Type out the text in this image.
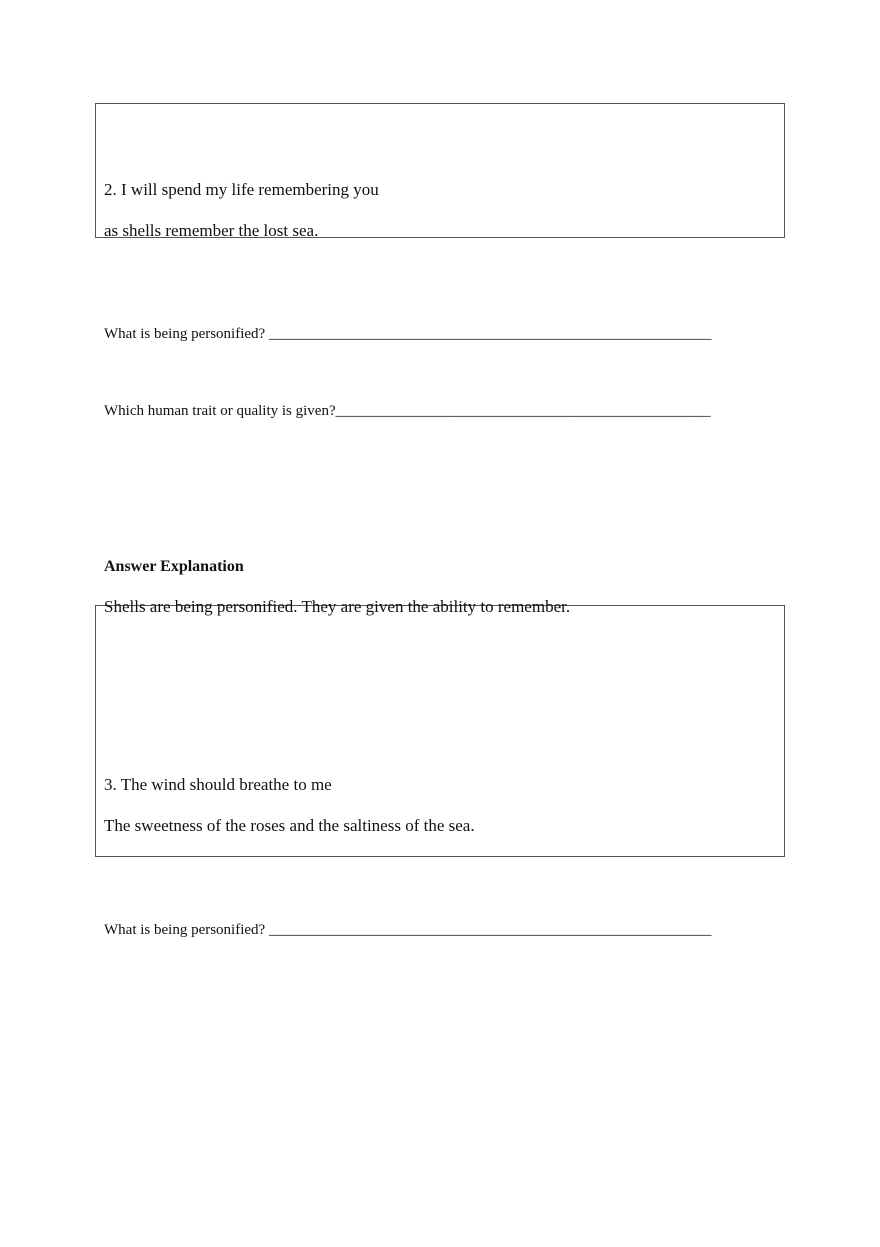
2. I will spend my life remembering you

as shells remember the lost sea.

What is being personified? ___________________________________________________________

Which human trait or quality is given?__________________________________________________

Answer Explanation

Shells are being personified. They are given the ability to remember.

3. The wind should breathe to me

The sweetness of the roses and the saltiness of the sea.

What is being personified? ___________________________________________________________
